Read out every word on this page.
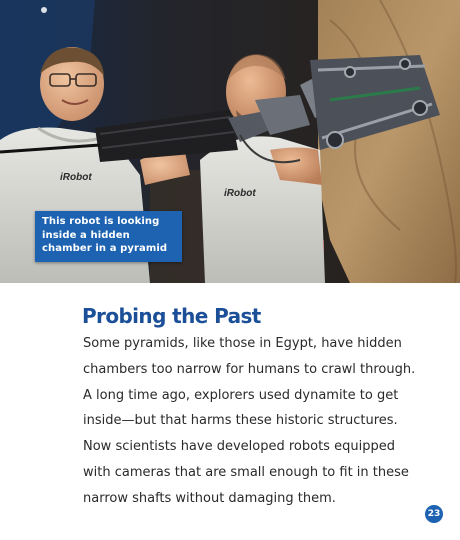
iRobot
iRobot
This robot is looking inside a hidden chamber in a pyramid.
Probing the Past
Some pyramids, like those in Egypt, have hidden
chambers too narrow for humans to crawl through.
A long time ago, explorers used dynamite to get
inside—but that harms these historic structures.
Now scientists have developed robots equipped
with cameras that are small enough to fit in these
narrow shafts without damaging them.
23
